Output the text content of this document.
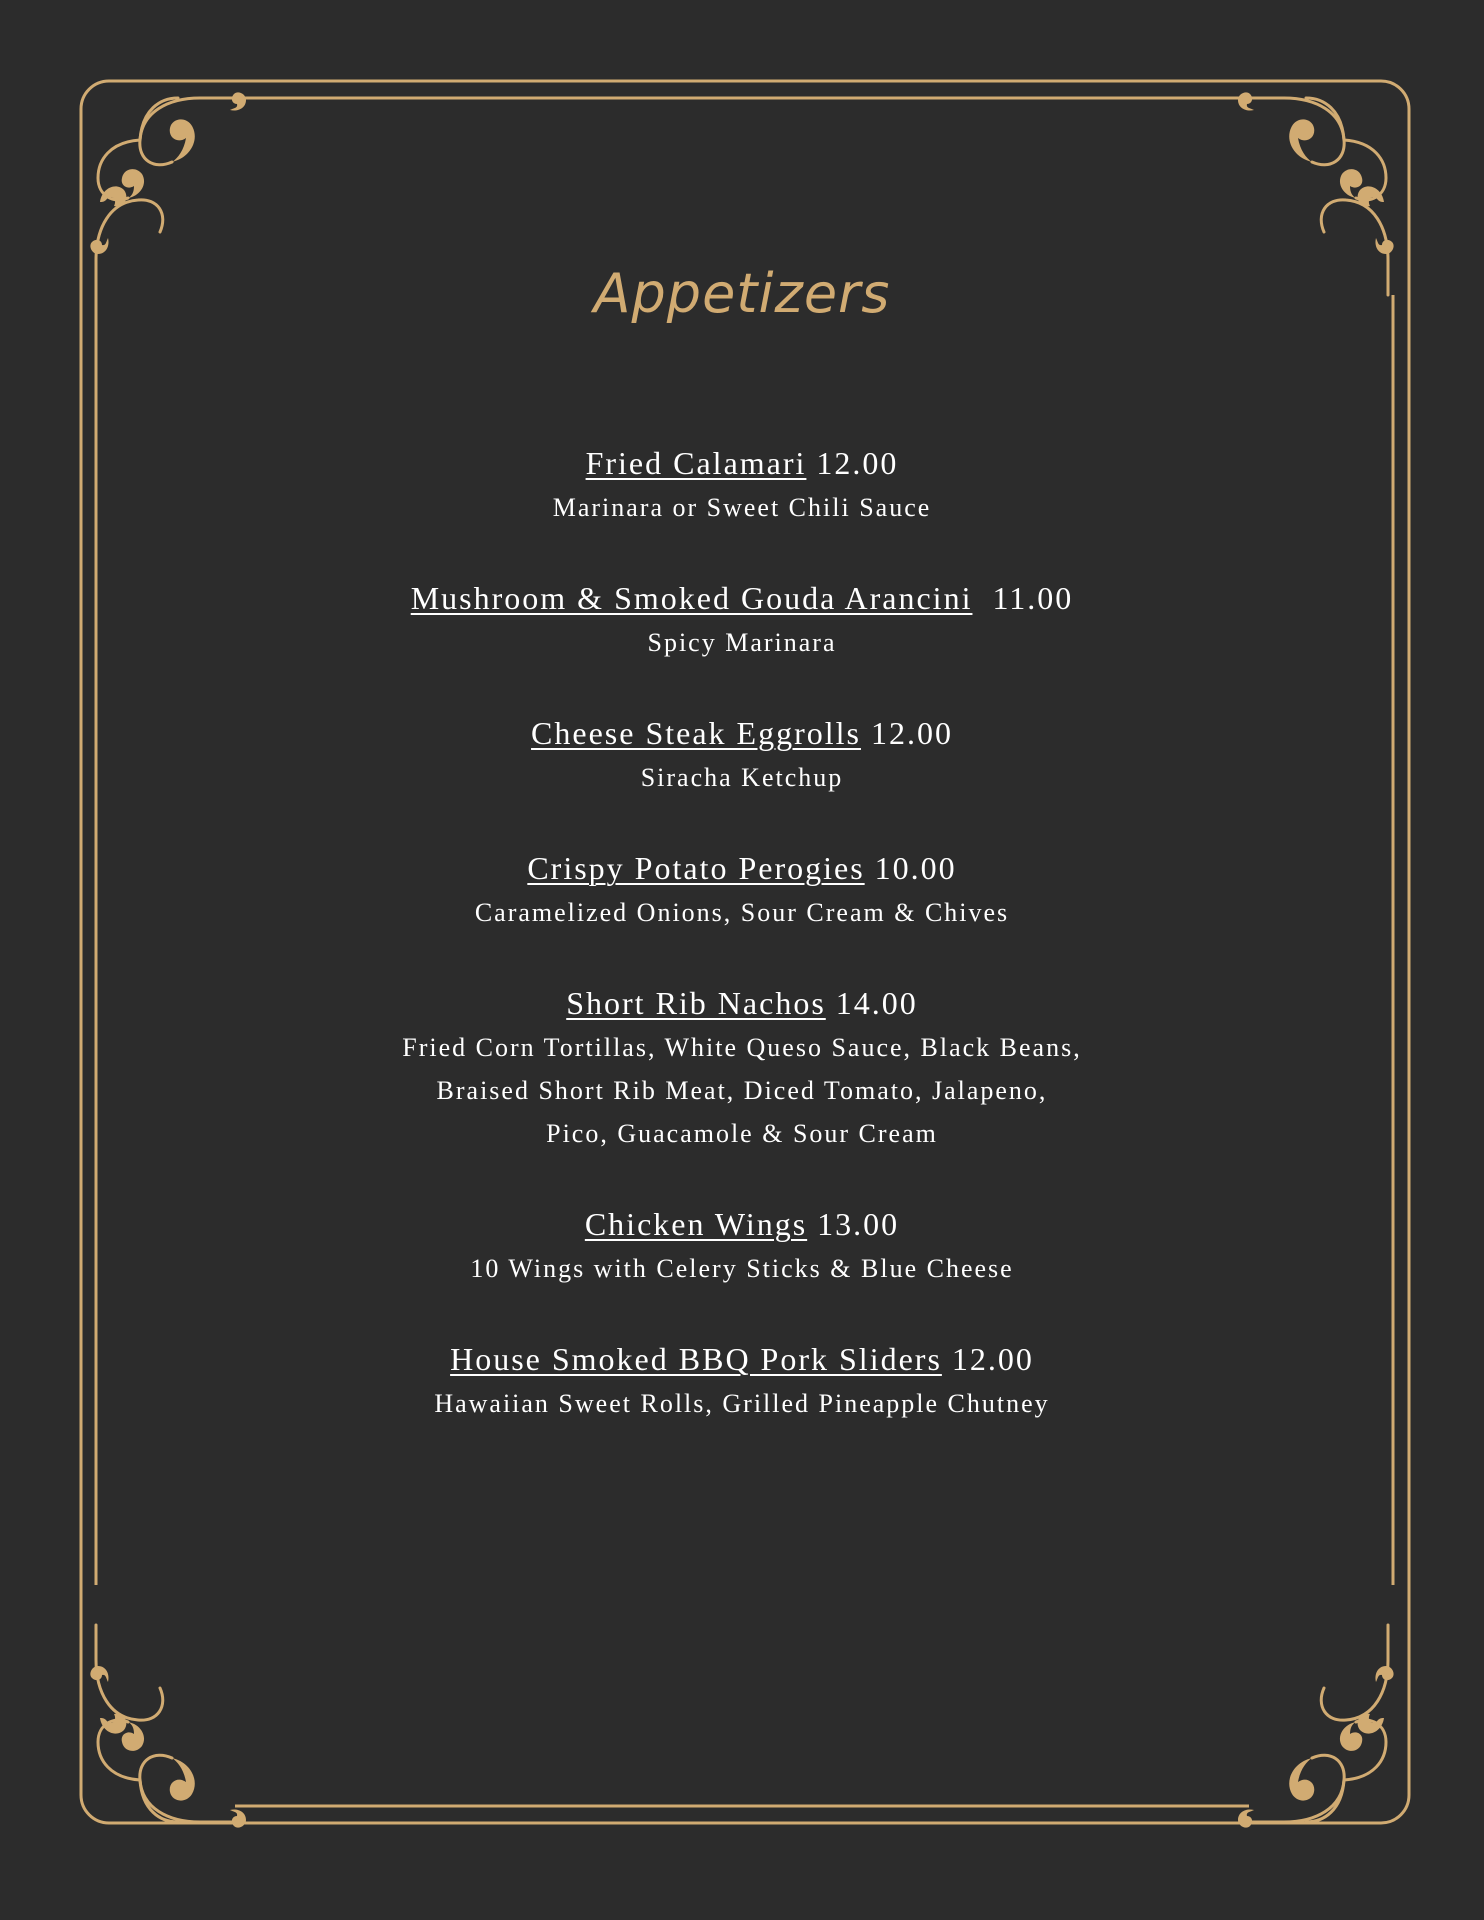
Appetizers
Fried Calamari 12.00

Marinara or Sweet Chili Sauce

Mushroom & Smoked Gouda Arancini 11.00

Spicy Marinara

Cheese Steak Eggrolls 12.00

Siracha Ketchup

Crispy Potato Perogies 10.00

Caramelized Onions, Sour Cream & Chives

Short Rib Nachos 14.00

Fried Corn Tortillas, White Queso Sauce, Black Beans,

Braised Short Rib Meat, Diced Tomato, Jalapeno,

Pico, Guacamole & Sour Cream

Chicken Wings 13.00

10 Wings with Celery Sticks & Blue Cheese

House Smoked BBQ Pork Sliders 12.00

Hawaiian Sweet Rolls, Grilled Pineapple Chutney
